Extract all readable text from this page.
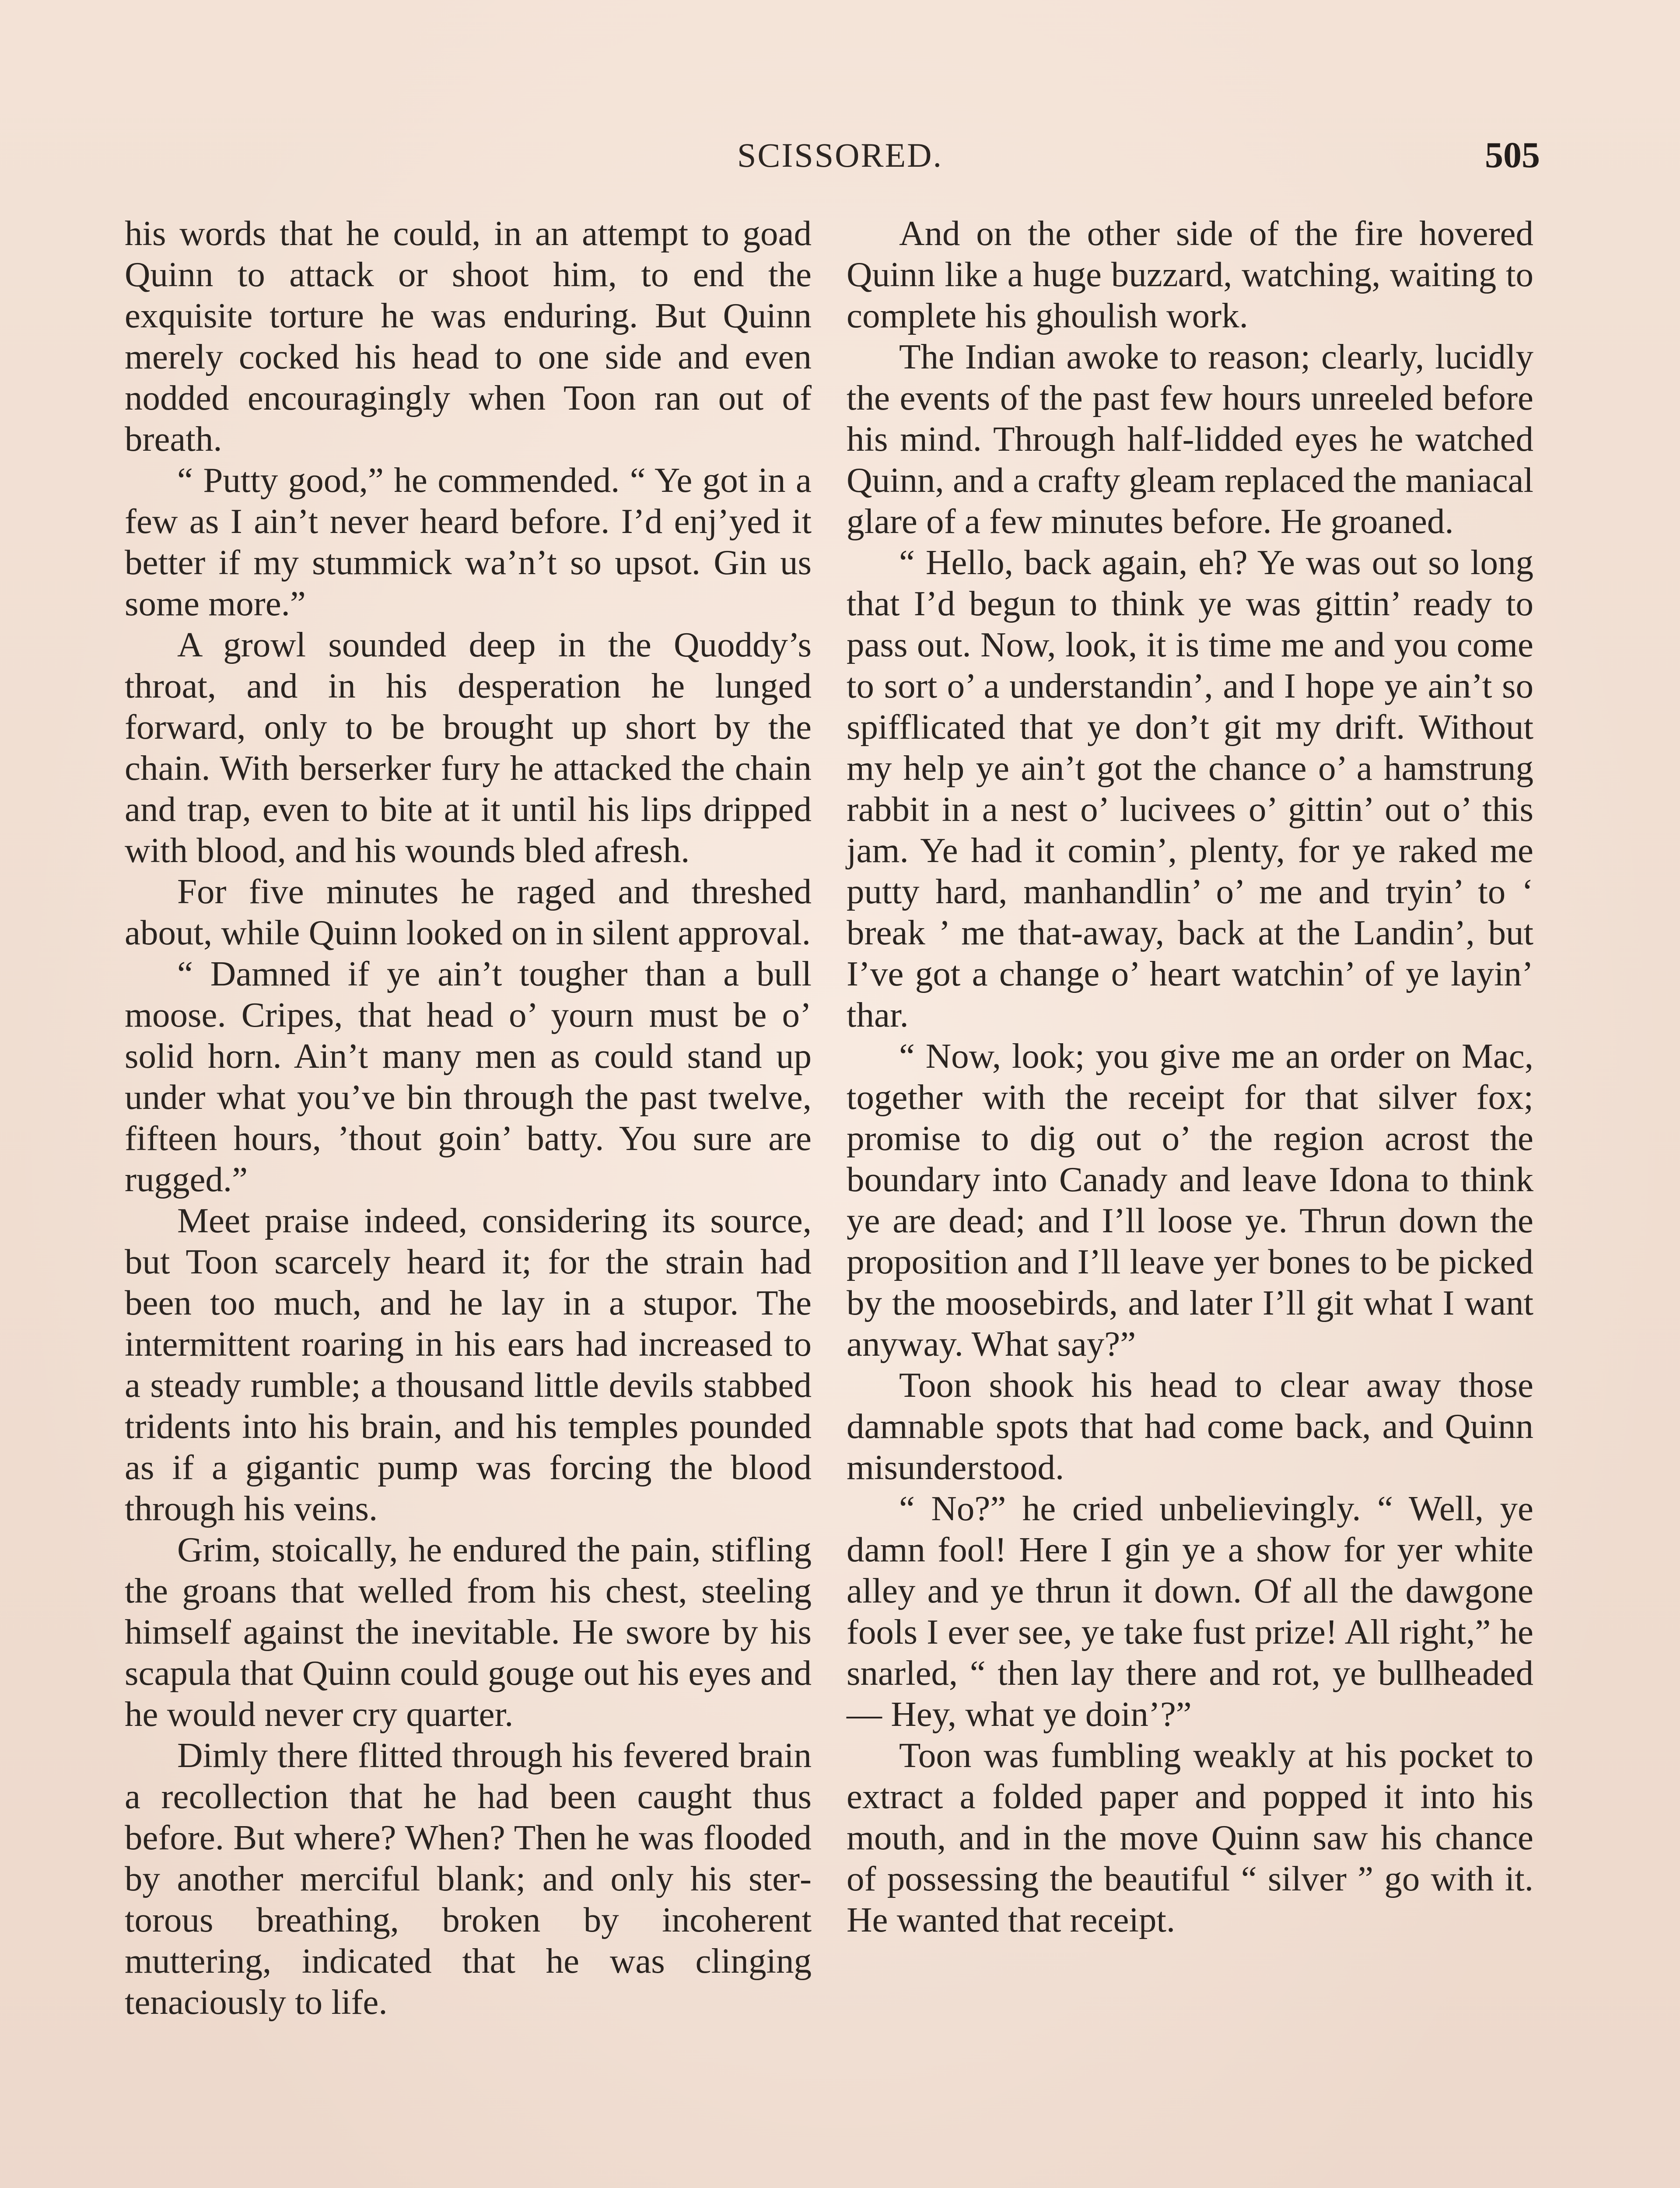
SCISSORED.	505

his words that he could, in an attempt to goad Quinn to attack or shoot him, to end the exquisite torture he was enduring. But Quinn merely cocked his head to one side and even nodded encouragingly when Toon ran out of breath.

“ Putty good,” he commended. “ Ye got in a few as I ain’t never heard before. I’d enj’yed it better if my stummick wa’n’t so upsot. Gin us some more.”

A growl sounded deep in the Quoddy’s throat, and in his desperation he lunged forward, only to be brought up short by the chain. With berserker fury he attacked the chain and trap, even to bite at it until his lips dripped with blood, and his wounds bled afresh.

For five minutes he raged and threshed about, while Quinn looked on in silent approval.

“ Damned if ye ain’t tougher than a bull moose. Cripes, that head o’ yourn must be o’ solid horn. Ain’t many men as could stand up under what you’ve bin through the past twelve, fifteen hours, ’thout goin’ batty. You sure are rugged.”

Meet praise indeed, considering its source, but Toon scarcely heard it; for the strain had been too much, and he lay in a stupor. The intermittent roaring in his ears had increased to a steady rumble; a thousand little devils stabbed tridents into his brain, and his temples pounded as if a gigantic pump was forcing the blood through his veins.

Grim, stoically, he endured the pain, stifling the groans that welled from his chest, steeling himself against the inevitable. He swore by his scapula that Quinn could gouge out his eyes and he would never cry quarter.

Dimly there flitted through his fevered brain a recollection that he had been caught thus before. But where? When? Then he was flooded by another merciful blank; and only his stertorous breathing, broken by incoherent muttering, indicated that he was clinging tenaciously to life.

And on the other side of the fire hovered Quinn like a huge buzzard, watching, waiting to complete his ghoulish work.

The Indian awoke to reason; clearly, lucidly the events of the past few hours unreeled before his mind. Through half-lidded eyes he watched Quinn, and a crafty gleam replaced the maniacal glare of a few minutes before. He groaned.

“ Hello, back again, eh? Ye was out so long that I’d begun to think ye was gittin’ ready to pass out. Now, look, it is time me and you come to sort o’ a understandin’, and I hope ye ain’t so spifflicated that ye don’t git my drift. Without my help ye ain’t got the chance o’ a hamstrung rabbit in a nest o’ lucivees o’ gittin’ out o’ this jam. Ye had it comin’, plenty, for ye raked me putty hard, manhandlin’ o’ me and tryin’ to ‘ break ’ me that-away, back at the Landin’, but I’ve got a change o’ heart watchin’ of ye layin’ thar.

“ Now, look; you give me an order on Mac, together with the receipt for that silver fox; promise to dig out o’ the region acrost the boundary into Canady and leave Idona to think ye are dead; and I’ll loose ye. Thrun down the proposition and I’ll leave yer bones to be picked by the moosebirds, and later I’ll git what I want anyway. What say?”

Toon shook his head to clear away those damnable spots that had come back, and Quinn misunderstood.

“ No?” he cried unbelievingly. “ Well, ye damn fool! Here I gin ye a show for yer white alley and ye thrun it down. Of all the dawgone fools I ever see, ye take fust prize! All right,” he snarled, “ then lay there and rot, ye bullheaded— Hey, what ye doin’?”

Toon was fumbling weakly at his pocket to extract a folded paper and popped it into his mouth, and in the move Quinn saw his chance of possessing the beautiful “ silver ” go with it. He wanted that receipt.
